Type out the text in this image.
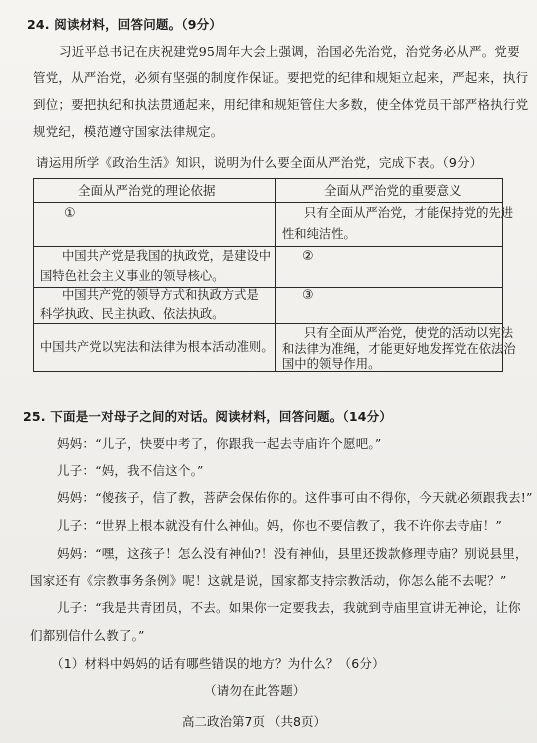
24. 阅读材料，回答问题。（9分）
习近平总书记在庆祝建党95周年大会上强调，治国必先治党，治党务必从严。党要
管党，从严治党，必须有坚强的制度作保证。要把党的纪律和规矩立起来，严起来，执行
到位；要把执纪和执法贯通起来，用纪律和规矩管住大多数，使全体党员干部严格执行党
规党纪，模范遵守国家法律规定。
请运用所学《政治生活》知识，说明为什么要全面从严治党，完成下表。（9分）
全面从严治党的理论依据	全面从严治党的重要意义
①	只有全面从严治党，才能保持党的先进
性和纯洁性。
中国共产党是我国的执政党，是建设中
国特色社会主义事业的领导核心。
②
中国共产党的领导方式和执政方式是
科学执政、民主执政、依法执政。
③
中国共产党以宪法和法律为根本活动准则。
只有全面从严治党，使党的活动以宪法
和法律为准绳，才能更好地发挥党在依法治
国中的领导作用。
25. 下面是一对母子之间的对话。阅读材料，回答问题。（14分）
妈妈：“儿子，快要中考了，你跟我一起去寺庙许个愿吧。”
儿子：“妈，我不信这个。”
妈妈：“傻孩子，信了教，菩萨会保佑你的。这件事可由不得你，今天就必须跟我去!”
儿子：“世界上根本就没有什么神仙。妈，你也不要信教了，我不许你去寺庙！”
妈妈：“嘿，这孩子！怎么没有神仙?！没有神仙，县里还拨款修理寺庙？别说县里，
国家还有《宗教事务条例》呢！这就是说，国家都支持宗教活动，你怎么能不去呢？”
儿子：“我是共青团员，不去。如果你一定要我去，我就到寺庙里宣讲无神论，让你
们都别信什么教了。”
（1）材料中妈妈的话有哪些错误的地方？为什么？（6分）
（请勿在此答题）
高二政治第7页 （共8页）
